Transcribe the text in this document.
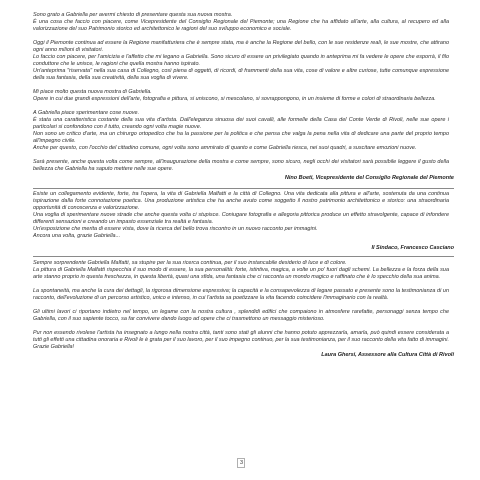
Sono grato a Gabriella per avermi chiesto di presentare questa sua nuova mostra.

È una cosa che faccio con piacere, come Vicepresidente del Consiglio Regionale del Piemonte; una Regione che ha affidato all'arte, alla cultura, al recupero ed alla valorizzazione del suo Patrimonio storico ed architettonico le ragioni del suo sviluppo economico e sociale.

Oggi il Piemonte continua ad essere la Regione manifatturiera che è sempre stata, ma è anche la Regione del bello, con le sue residenze reali, le sue mostre, che attirano ogni anno milioni di visitatori.

Lo faccio con piacere, per l'amicizia e l'affetto che mi legano a Gabriella. Sono sicuro di essere un privilegiato quando in anteprima mi fa vedere le opere che esporrà, il filo conduttore che le unisce, le ragioni che quella mostra hanno ispirato.

Un'anteprima "riservata" nella sua casa di Collegno, così piena di oggetti, di ricordi, di frammenti della sua vita, cose di valore e altre curiose, tutte comunque espressione della sua fantasia, della sua creatività, della sua voglia di vivere.

Mi piace molto questa nuova mostra di Gabriella.

Opere in cui due grandi espressioni dell'arte, fotografia e pittura, si uniscono, si mescolano, si sovrappongono, in un insieme di forme e colori di straordinaria bellezza.

A Gabriella piace sperimentare cose nuove.

È stata una caratteristica costante della sua vita d'artista. Dall'eleganza sinuosa dei suoi cavalli, alle formelle della Casa del Conte Verde di Rivoli, nelle sue opere i particolari si confondono con il tutto, creando ogni volta magie nuove.

Non sono un critico d'arte, ma un chirurgo ortopedico che ha la passione per la politica e che pensa che valga la pena nella vita di dedicare una parte del proprio tempo all'impegno civile.

Anche per questo, con l'occhio del cittadino comune, ogni volta sono ammirato di quanto e come Gabriella riesca, nei suoi quadri, a suscitare emozioni nuove.

Sarà presente, anche questa volta come sempre, all'inaugurazione della mostra e come sempre, sono sicuro, negli occhi dei visitatori sarà possibile leggere il gusto della bellezza che Gabriella ha saputo mettere nelle sue opere.

Nino Boeti, Vicepresidente del Consiglio Regionale del Piemonte

Esiste un collegamento evidente, forte, tra l'opera, la vita di Gabriella Malfatti e la città di Collegno. Una vita dedicata alla pittura e all'arte, sostenuta da una continua ispirazione dalla forte connotazione poetica. Una produzione artistica che ha anche avuto come soggetto il nostro patrimonio architettonico e storico: una straordinaria opportunità di conoscenza e valorizzazione.

Una voglia di sperimentare nuove strade che anche questa volta ci stupisce. Coniugare fotografia e allegoria pittorica produce un effetto stravolgente, capace di infondere differenti sensazioni e creando un impasto essenziale tra realtà e fantasia.

Un'esposizione che merita di essere vista, dove la ricerca del bello trova riscontro in un nuovo racconto per immagini.

Ancora una volta, grazie Gabriella...

Il Sindaco, Francesco Casciano

Sempre sorprendente Gabriella Malfatti, sa stupire per la sua ricerca continua, per il suo instancabile desiderio di luce e di colore.

La pittura di Gabriella Malfatti rispecchia il suo modo di essere, la sua personalità: forte, istintiva, magica, a volte un po' fuori dagli schemi. La bellezza e la forza della sua arte stanno proprio in questa freschezza, in questa libertà, quasi una sfida, una fantasia che ci racconta un mondo magico e raffinato che è lo specchio della sua anima.

La spontaneità, ma anche la cura dei dettagli, la rigorosa dimensione espressiva; la capacità e la consapevolezza di legare passato e presente sono la testimonianza di un racconto, dell'evoluzione di un percorso artistico, unico e intenso, in cui l'artista sa poetizzare la vita facendo coincidere l'immaginario con la realtà.

Gli ultimi lavori ci riportano indietro nel tempo, un legame con la nostra cultura , splendidi edifici che compaiono in atmosfere rarefatte, personaggi senza tempo che Gabriella, con il suo sapiente tocco, sa far convivere dando luogo ad opere che ci trasmettono un messaggio misterioso.

Pur non essendo rivolese l'artista ha insegnato a lungo nella nostra città, tanti sono stati gli alunni che hanno potuto apprezzarla, amarla, può quindi essere considerata a tutti gli effetti una cittadina onoraria e Rivoli le è grata per il suo lavoro, per il suo impegno continuo, per la sua testimonianza, per il suo racconto della vita fatto di immagini. Grazie Gabriella!

Laura Ghersi, Assessore alla Cultura Città di Rivoli

3
